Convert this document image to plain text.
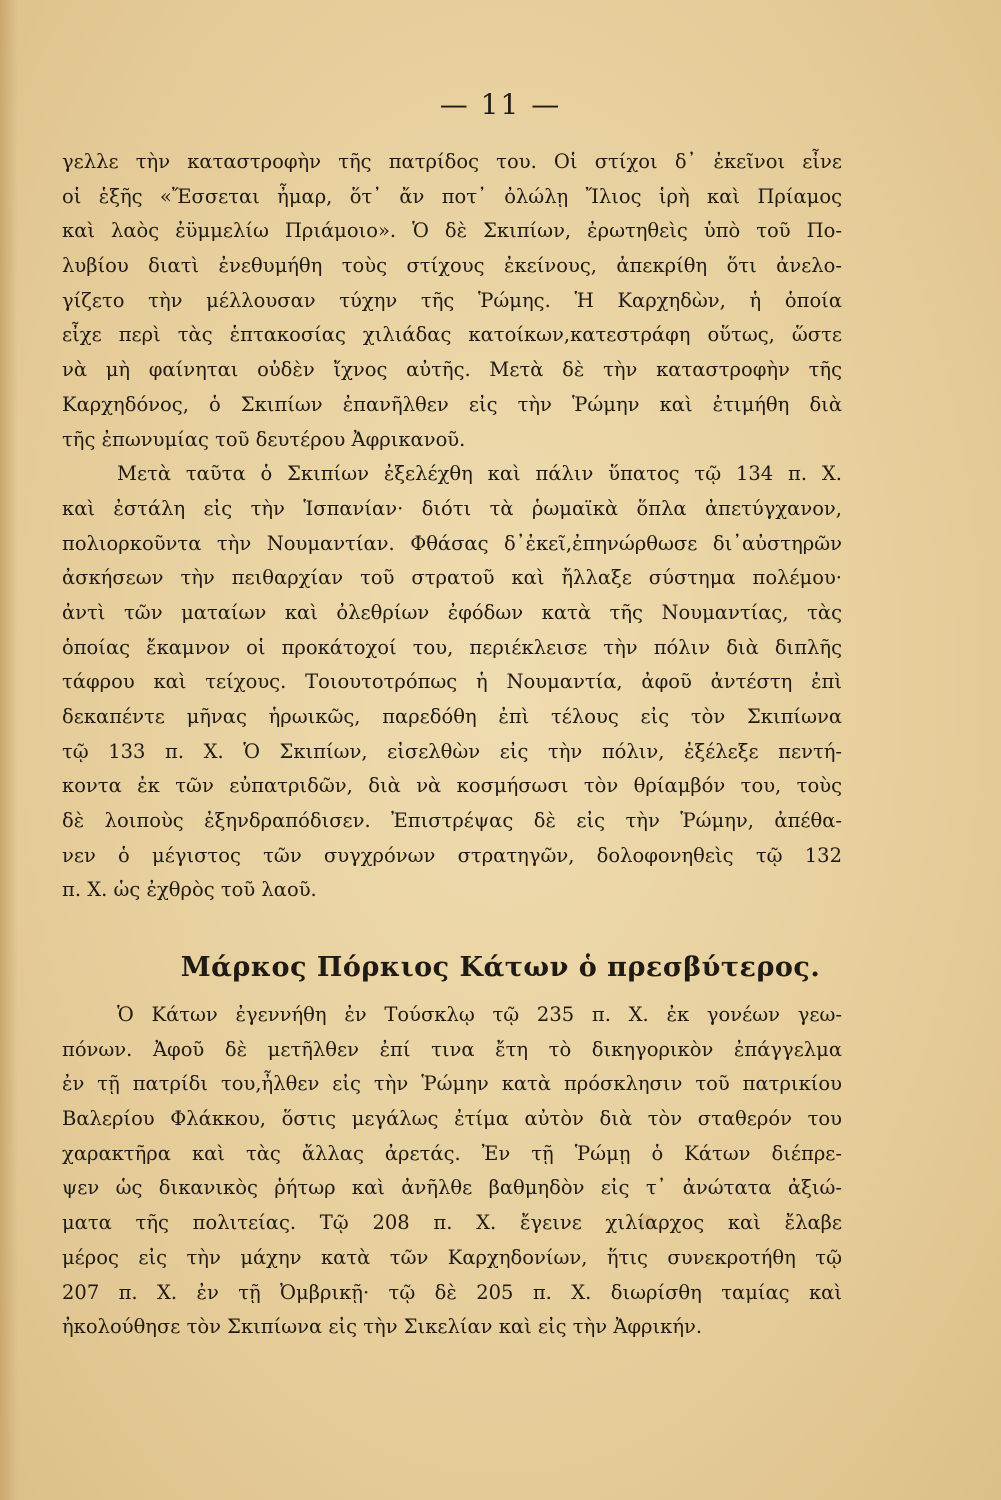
— 11 —
γελλε τὴν καταστροφὴν τῆς πατρίδος του. Οἱ στίχοι δ᾽ ἐκεῖνοι εἶνε
οἱ ἑξῆς «Ἔσσεται ἦμαρ, ὅτ᾽ ἄν ποτ᾽ ὀλώλῃ Ἴλιος ἱρὴ καὶ Πρίαμος
καὶ λαὸς ἐϋμμελίω Πριάμοιο». Ὁ δὲ Σκιπίων, ἐρωτηθεὶς ὑπὸ τοῦ Πο-
λυβίου διατὶ ἐνεθυμήθη τοὺς στίχους ἐκείνους, ἀπεκρίθη ὅτι ἀνελο-
γίζετο τὴν μέλλουσαν τύχην τῆς Ῥώμης. Ἡ Καρχηδὼν, ἡ ὁποία
εἶχε περὶ τὰς ἑπτακοσίας χιλιάδας κατοίκων,κατεστράφη οὕτως, ὥστε
νὰ μὴ φαίνηται οὐδὲν ἴχνος αὐτῆς. Μετὰ δὲ τὴν καταστροφὴν τῆς
Καρχηδόνος, ὁ Σκιπίων ἐπανῆλθεν εἰς τὴν Ῥώμην καὶ ἐτιμήθη διὰ
τῆς ἐπωνυμίας τοῦ δευτέρου Ἀφρικανοῦ.
Μετὰ ταῦτα ὁ Σκιπίων ἐξελέχθη καὶ πάλιν ὕπατος τῷ 134 π. Χ.
καὶ ἐστάλη εἰς τὴν Ἱσπανίαν· διότι τὰ ῥωμαϊκὰ ὅπλα ἀπετύγχανον,
πολιορκοῦντα τὴν Νουμαντίαν. Φθάσας δ᾽ἐκεῖ,ἐπηνώρθωσε δι᾽αὐστηρῶν
ἀσκήσεων τὴν πειθαρχίαν τοῦ στρατοῦ καὶ ἤλλαξε σύστημα πολέμου·
ἀντὶ τῶν ματαίων καὶ ὀλεθρίων ἐφόδων κατὰ τῆς Νουμαντίας, τὰς
ὁποίας ἔκαμνον οἱ προκάτοχοί του, περιέκλεισε τὴν πόλιν διὰ διπλῆς
τάφρου καὶ τείχους. Τοιουτοτρόπως ἡ Νουμαντία, ἀφοῦ ἀντέστη ἐπὶ
δεκαπέντε μῆνας ἡρωικῶς, παρεδόθη ἐπὶ τέλους εἰς τὸν Σκιπίωνα
τῷ 133 π. Χ. Ὁ Σκιπίων, εἰσελθὼν εἰς τὴν πόλιν, ἐξέλεξε πεντή-
κοντα ἐκ τῶν εὐπατριδῶν, διὰ νὰ κοσμήσωσι τὸν θρίαμβόν του, τοὺς
δὲ λοιποὺς ἐξηνδραπόδισεν. Ἐπιστρέψας δὲ εἰς τὴν Ῥώμην, ἀπέθα-
νεν ὁ μέγιστος τῶν συγχρόνων στρατηγῶν, δολοφονηθεὶς τῷ 132
π. Χ. ὡς ἐχθρὸς τοῦ λαοῦ.
Μάρκος Πόρκιος Κάτων ὁ πρεσβύτερος.
Ὁ Κάτων ἐγεννήθη ἐν Τούσκλῳ τῷ 235 π. Χ. ἐκ γονέων γεω-
πόνων. Ἀφοῦ δὲ μετῆλθεν ἐπί τινα ἔτη τὸ δικηγορικὸν ἐπάγγελμα
ἐν τῇ πατρίδι του,ἦλθεν εἰς τὴν Ῥώμην κατὰ πρόσκλησιν τοῦ πατρικίου
Βαλερίου Φλάκκου, ὅστις μεγάλως ἐτίμα αὐτὸν διὰ τὸν σταθερόν του
χαρακτῆρα καὶ τὰς ἄλλας ἀρετάς. Ἐν τῇ Ῥώμῃ ὁ Κάτων διέπρε-
ψεν ὡς δικανικὸς ῥήτωρ καὶ ἀνῆλθε βαθμηδὸν εἰς τ᾽ ἀνώτατα ἀξιώ-
ματα τῆς πολιτείας. Τῷ 208 π. Χ. ἔγεινε χιλίαρχος καὶ ἔλαβε
μέρος εἰς τὴν μάχην κατὰ τῶν Καρχηδονίων, ἥτις συνεκροτήθη τῷ
207 π. Χ. ἐν τῇ Ὀμβρικῇ· τῷ δὲ 205 π. Χ. διωρίσθη ταμίας καὶ
ἠκολούθησε τὸν Σκιπίωνα εἰς τὴν Σικελίαν καὶ εἰς τὴν Ἀφρικήν.
